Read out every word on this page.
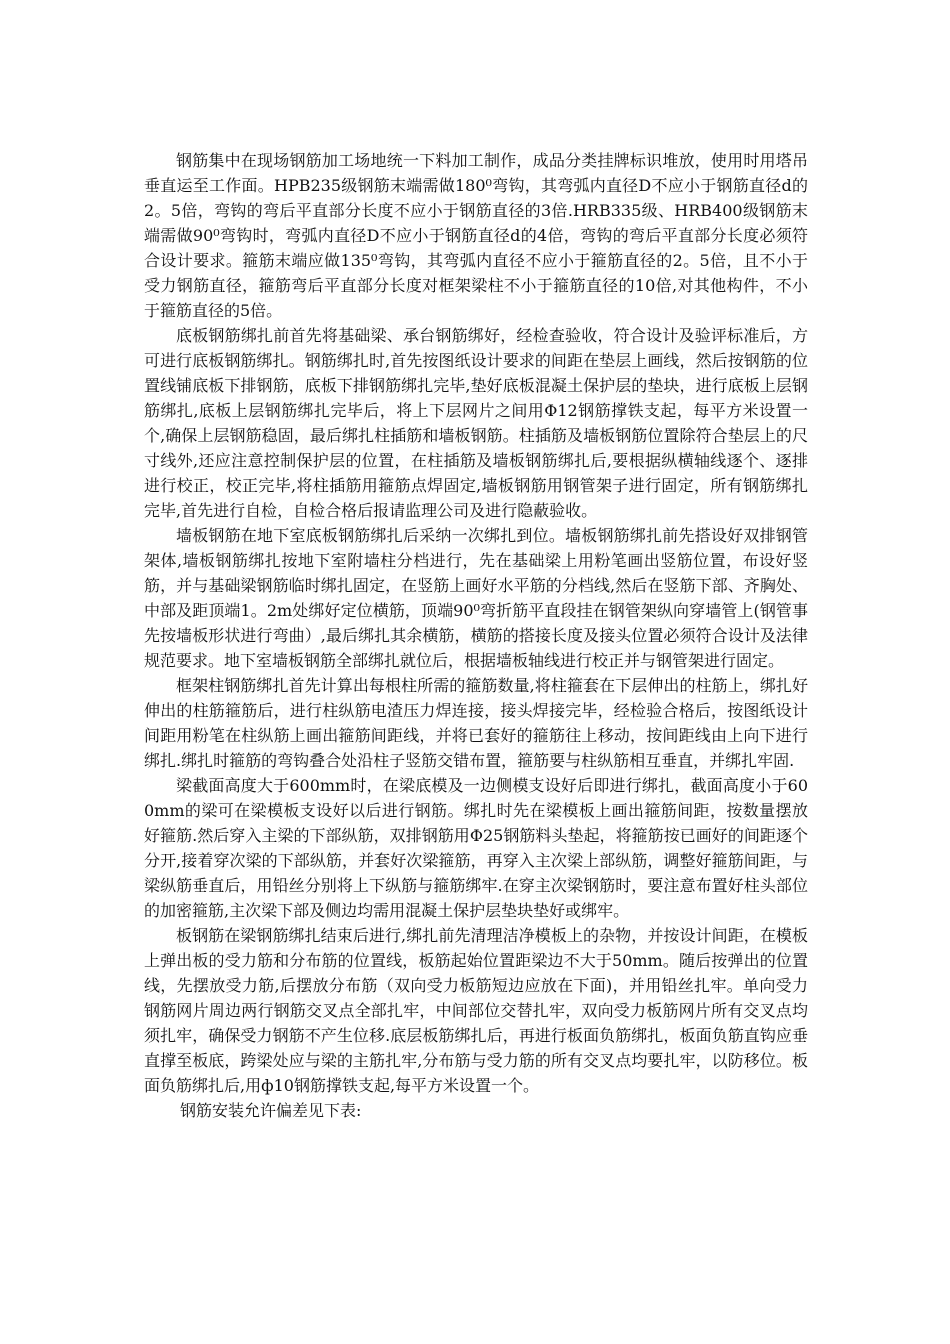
钢筋集中在现场钢筋加工场地统一下料加工制作，成品分类挂牌标识堆放，使用时用塔吊垂直运至工作面。HPB235级钢筋末端需做180⁰弯钩，其弯弧内直径D不应小于钢筋直径d的2。5倍，弯钩的弯后平直部分长度不应小于钢筋直径的3倍.HRB335级、HRB400级钢筋末端需做90⁰弯钩时，弯弧内直径D不应小于钢筋直径d的4倍，弯钩的弯后平直部分长度必须符合设计要求。箍筋末端应做135⁰弯钩，其弯弧内直径不应小于箍筋直径的2。5倍，且不小于受力钢筋直径，箍筋弯后平直部分长度对框架梁柱不小于箍筋直径的10倍,对其他构件，不小于箍筋直径的5倍。

底板钢筋绑扎前首先将基础梁、承台钢筋绑好，经检查验收，符合设计及验评标准后，方可进行底板钢筋绑扎。钢筋绑扎时,首先按图纸设计要求的间距在垫层上画线，然后按钢筋的位置线铺底板下排钢筋，底板下排钢筋绑扎完毕,垫好底板混凝土保护层的垫块，进行底板上层钢筋绑扎,底板上层钢筋绑扎完毕后，将上下层网片之间用Φ12钢筋撑铁支起，每平方米设置一个,确保上层钢筋稳固，最后绑扎柱插筋和墙板钢筋。柱插筋及墙板钢筋位置除符合垫层上的尺寸线外,还应注意控制保护层的位置，在柱插筋及墙板钢筋绑扎后,要根据纵横轴线逐个、逐排进行校正，校正完毕,将柱插筋用箍筋点焊固定,墙板钢筋用钢管架子进行固定，所有钢筋绑扎完毕,首先进行自检，自检合格后报请监理公司及进行隐蔽验收。

墙板钢筋在地下室底板钢筋绑扎后采纳一次绑扎到位。墙板钢筋绑扎前先搭设好双排钢管架体,墙板钢筋绑扎按地下室附墙柱分档进行，先在基础梁上用粉笔画出竖筋位置，布设好竖筋，并与基础梁钢筋临时绑扎固定，在竖筋上画好水平筋的分档线,然后在竖筋下部、齐胸处、中部及距顶端1。2m处绑好定位横筋，顶端90⁰弯折筋平直段挂在钢管架纵向穿墙管上(钢管事先按墙板形状进行弯曲）,最后绑扎其余横筋，横筋的搭接长度及接头位置必须符合设计及法律规范要求。地下室墙板钢筋全部绑扎就位后，根据墙板轴线进行校正并与钢管架进行固定。

框架柱钢筋绑扎首先计算出每根柱所需的箍筋数量,将柱箍套在下层伸出的柱筋上，绑扎好伸出的柱筋箍筋后，进行柱纵筋电渣压力焊连接，接头焊接完毕，经检验合格后，按图纸设计间距用粉笔在柱纵筋上画出箍筋间距线，并将已套好的箍筋往上移动，按间距线由上向下进行绑扎.绑扎时箍筋的弯钩叠合处沿柱子竖筋交错布置，箍筋要与柱纵筋相互垂直，并绑扎牢固.

梁截面高度大于600mm时，在梁底模及一边侧模支设好后即进行绑扎，截面高度小于600mm的梁可在梁模板支设好以后进行钢筋。绑扎时先在梁模板上画出箍筋间距，按数量摆放好箍筋.然后穿入主梁的下部纵筋，双排钢筋用Φ25钢筋料头垫起，将箍筋按已画好的间距逐个分开,接着穿次梁的下部纵筋，并套好次梁箍筋，再穿入主次梁上部纵筋，调整好箍筋间距，与梁纵筋垂直后，用铅丝分别将上下纵筋与箍筋绑牢.在穿主次梁钢筋时，要注意布置好柱头部位的加密箍筋,主次梁下部及侧边均需用混凝土保护层垫块垫好或绑牢。

板钢筋在梁钢筋绑扎结束后进行,绑扎前先清理洁净模板上的杂物，并按设计间距，在模板上弹出板的受力筋和分布筋的位置线，板筋起始位置距梁边不大于50mm。随后按弹出的位置线，先摆放受力筋,后摆放分布筋（双向受力板筋短边应放在下面)，并用铅丝扎牢。单向受力钢筋网片周边两行钢筋交叉点全部扎牢，中间部位交替扎牢，双向受力板筋网片所有交叉点均须扎牢，确保受力钢筋不产生位移.底层板筋绑扎后，再进行板面负筋绑扎，板面负筋直钩应垂直撑至板底，跨梁处应与梁的主筋扎牢,分布筋与受力筋的所有交叉点均要扎牢，以防移位。板面负筋绑扎后,用ф10钢筋撑铁支起,每平方米设置一个。

钢筋安装允许偏差见下表:
